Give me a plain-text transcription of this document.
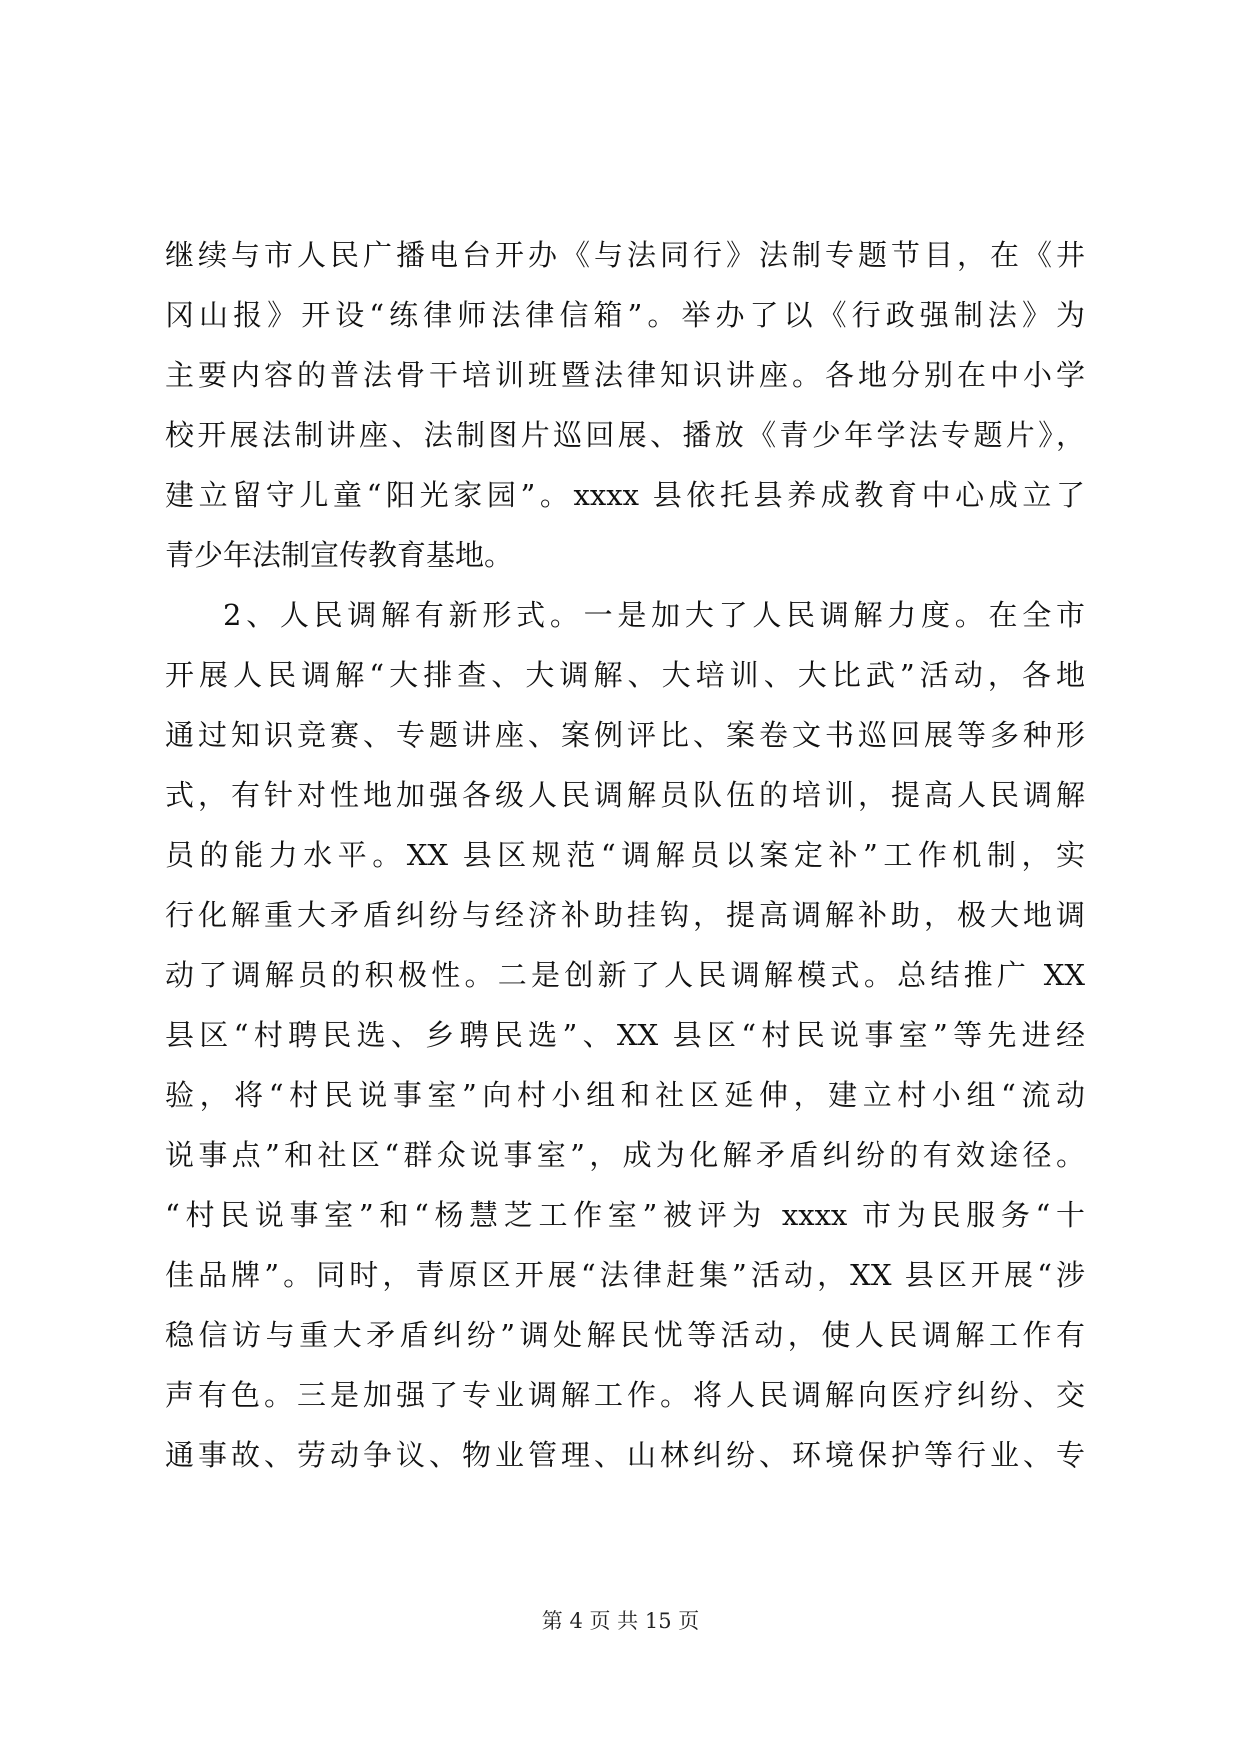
继续与市人民广播电台开办《与法同行》法制专题节目，在《井
冈山报》开设“练律师法律信箱”。举办了以《行政强制法》为
主要内容的普法骨干培训班暨法律知识讲座。各地分别在中小学
校开展法制讲座、法制图片巡回展、播放《青少年学法专题片》，
建立留守儿童“阳光家园”。xxxx 县依托县养成教育中心成立了
青少年法制宣传教育基地。
2、人民调解有新形式。一是加大了人民调解力度。在全市
开展人民调解“大排查、大调解、大培训、大比武”活动，各地
通过知识竞赛、专题讲座、案例评比、案卷文书巡回展等多种形
式，有针对性地加强各级人民调解员队伍的培训，提高人民调解
员的能力水平。XX 县区规范“调解员以案定补”工作机制，实
行化解重大矛盾纠纷与经济补助挂钩，提高调解补助，极大地调
动了调解员的积极性。二是创新了人民调解模式。总结推广 XX
县区“村聘民选、乡聘民选”、XX 县区“村民说事室”等先进经
验，将“村民说事室”向村小组和社区延伸，建立村小组“流动
说事点”和社区“群众说事室”，成为化解矛盾纠纷的有效途径。
“村民说事室”和“杨慧芝工作室”被评为 xxxx 市为民服务“十
佳品牌”。同时，青原区开展“法律赶集”活动，XX 县区开展“涉
稳信访与重大矛盾纠纷”调处解民忧等活动，使人民调解工作有
声有色。三是加强了专业调解工作。将人民调解向医疗纠纷、交
通事故、劳动争议、物业管理、山林纠纷、环境保护等行业、专
第 4 页 共 15 页
